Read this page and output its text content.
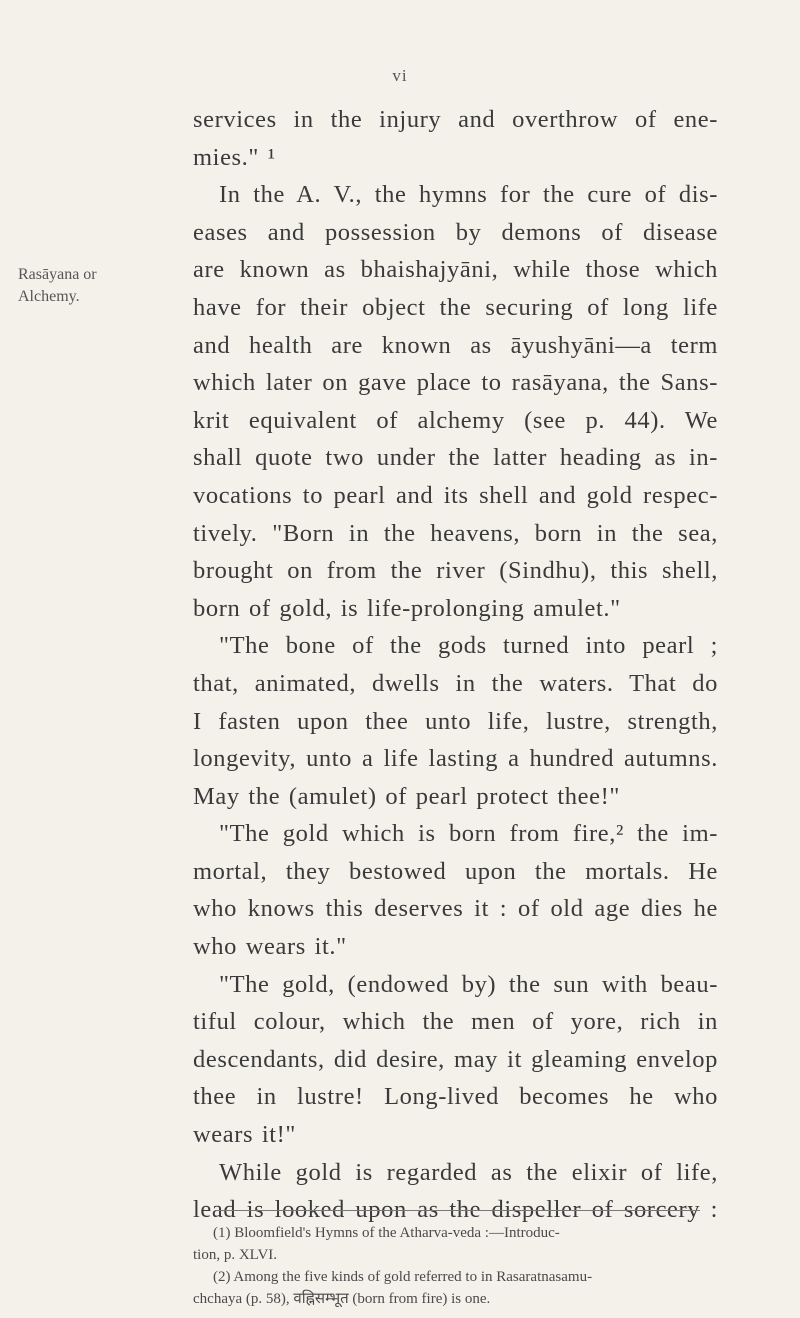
vi
Rasāyana or
Alchemy.
services in the injury and overthrow of ene-
mies." ¹
In the A. V., the hymns for the cure of dis-
eases and possession by demons of disease
are known as bhaishajyāni, while those which
have for their object the securing of long life
and health are known as āyushyāni—a term
which later on gave place to rasāyana, the Sans-
krit equivalent of alchemy (see p. 44). We
shall quote two under the latter heading as in-
vocations to pearl and its shell and gold respec-
tively. "Born in the heavens, born in the sea,
brought on from the river (Sindhu), this shell,
born of gold, is life-prolonging amulet."
"The bone of the gods turned into pearl ;
that, animated, dwells in the waters. That do
I fasten upon thee unto life, lustre, strength,
longevity, unto a life lasting a hundred autumns.
May the (amulet) of pearl protect thee!"
"The gold which is born from fire,² the im-
mortal, they bestowed upon the mortals. He
who knows this deserves it : of old age dies he
who wears it."
"The gold, (endowed by) the sun with beau-
tiful colour, which the men of yore, rich in
descendants, did desire, may it gleaming envelop
thee in lustre! Long-lived becomes he who
wears it!"
While gold is regarded as the elixir of life,
lead is looked upon as the dispeller of sorcery :
(1) Bloomfield's Hymns of the Atharva-veda :—Introduc-
tion, p. XLVI.
(2) Among the five kinds of gold referred to in Rasaratnasamu-
chchaya (p. 58), वह्निसम्भूत (born from fire) is one.
